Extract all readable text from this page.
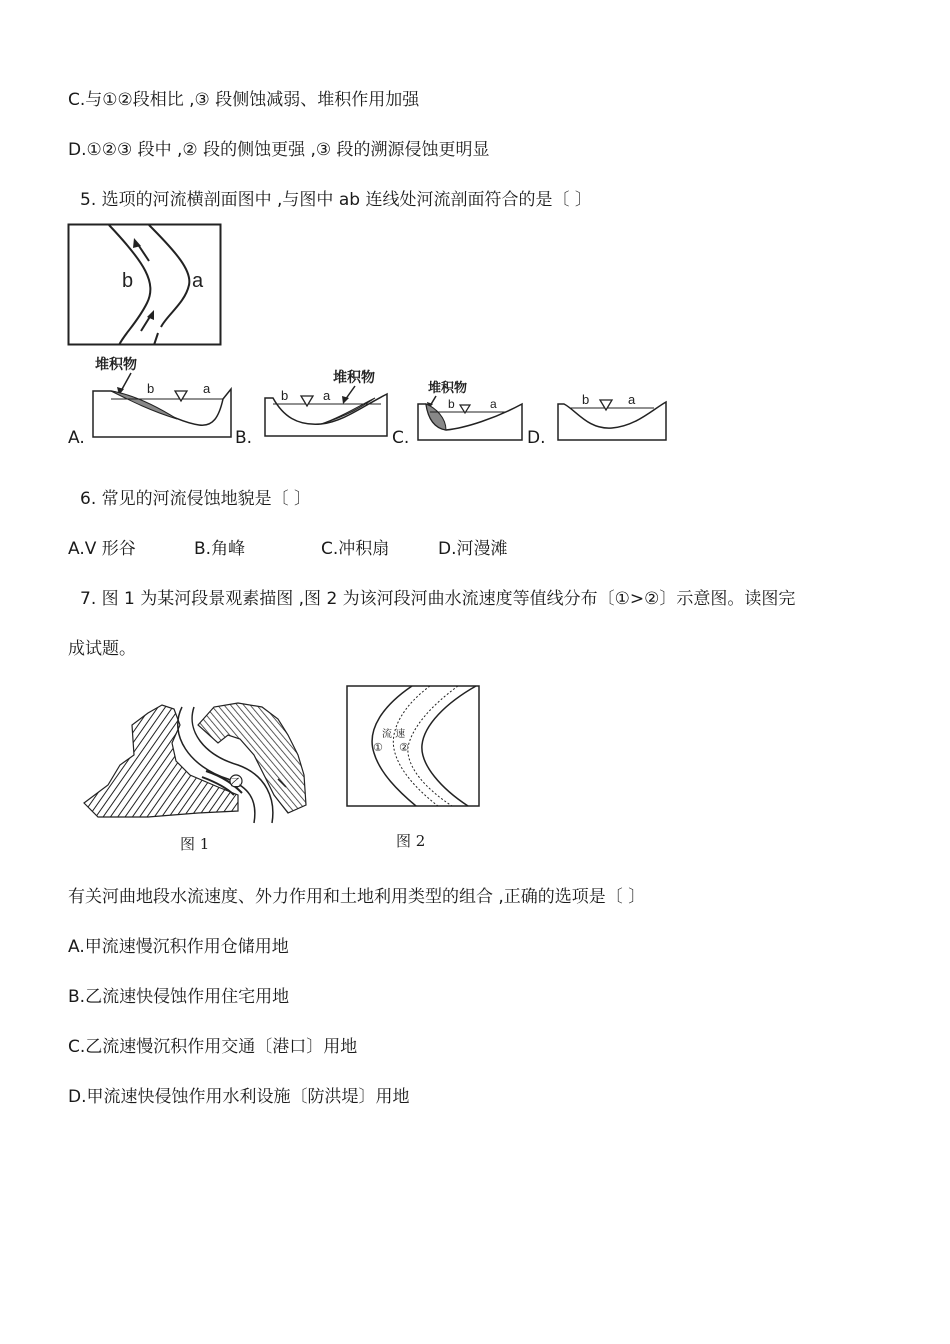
C.与①②段相比 ,③ 段侧蚀减弱、堆积作用加强
D.①②③ 段中 ,② 段的侧蚀更强 ,③ 段的溯源侵蚀更明显
5. 选项的河流横剖面图中 ,与图中 ab 连线处河流剖面符合的是〔 〕
b	a
A.
堆积物
b	a
B.
堆积物
b	a
C.
堆积物
b	a
D.
b	a
6. 常见的河流侵蚀地貌是〔 〕
A.V 形谷	B.角峰	C.冲积扇	D.河漫滩
7. 图 1 为某河段景观素描图 ,图 2 为该河段河曲水流速度等值线分布〔①>②〕示意图。读图完
成试题。
乙
图 1
流 速
① ②
图 2
有关河曲地段水流速度、外力作用和土地利用类型的组合 ,正确的选项是〔 〕
A.甲流速慢沉积作用仓储用地
B.乙流速快侵蚀作用住宅用地
C.乙流速慢沉积作用交通〔港口〕用地
D.甲流速快侵蚀作用水利设施〔防洪堤〕用地
